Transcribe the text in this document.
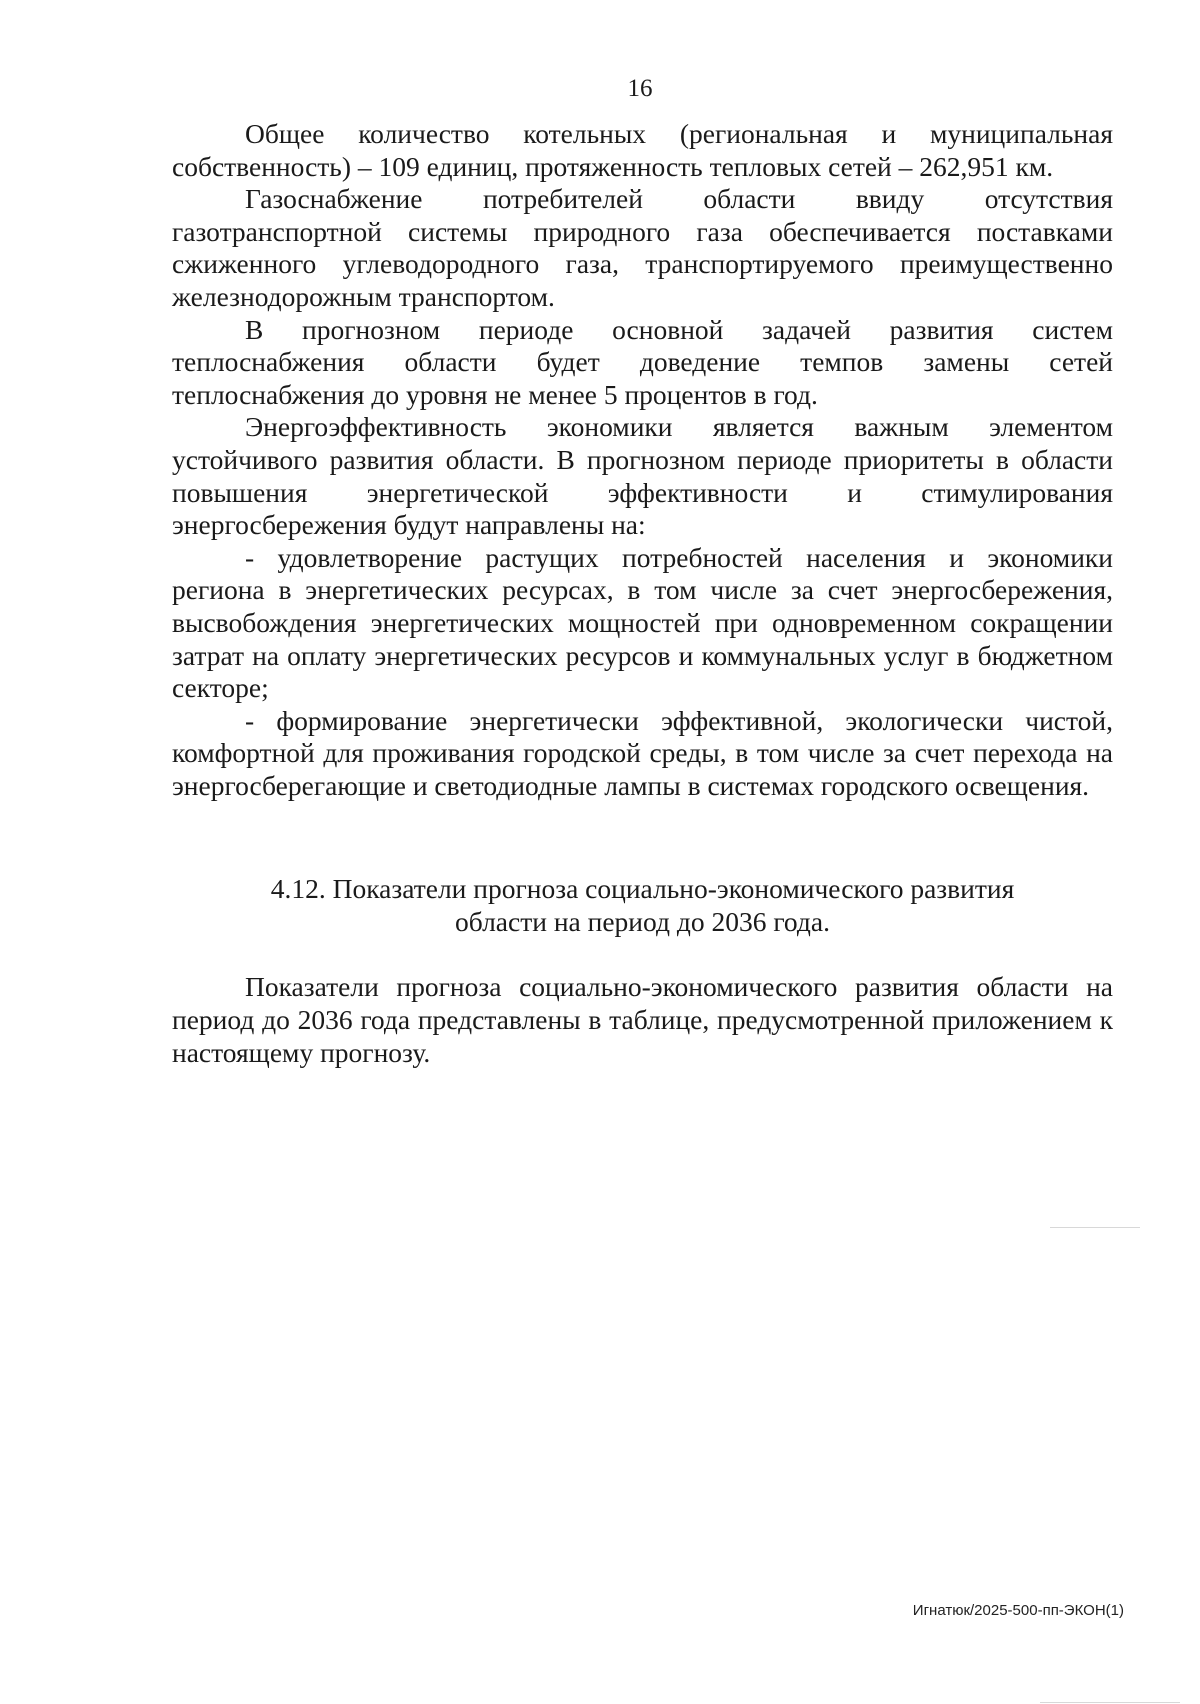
16

Общее количество котельных (региональная и муниципальная собственность) – 109 единиц, протяженность тепловых сетей – 262,951 км.

Газоснабжение потребителей области ввиду отсутствия газотранспортной системы природного газа обеспечивается поставками сжиженного углеводородного газа, транспортируемого преимущественно железнодорожным транспортом.

В прогнозном периоде основной задачей развития систем теплоснабжения области будет доведение темпов замены сетей теплоснабжения до уровня не менее 5 процентов в год.

Энергоэффективность экономики является важным элементом устойчивого развития области. В прогнозном периоде приоритеты в области повышения энергетической эффективности и стимулирования энергосбережения будут направлены на:

- удовлетворение растущих потребностей населения и экономики региона в энергетических ресурсах, в том числе за счет энергосбережения, высвобождения энергетических мощностей при одновременном сокращении затрат на оплату энергетических ресурсов и коммунальных услуг в бюджетном секторе;

- формирование энергетически эффективной, экологически чистой, комфортной для проживания городской среды, в том числе за счет перехода на энергосберегающие и светодиодные лампы в системах городского освещения.

4.12. Показатели прогноза социально-экономического развития
области на период до 2036 года.

Показатели прогноза социально-экономического развития области на период до 2036 года представлены в таблице, предусмотренной приложением к настоящему прогнозу.

Игнатюк/2025-500-пп-ЭКОН(1)
